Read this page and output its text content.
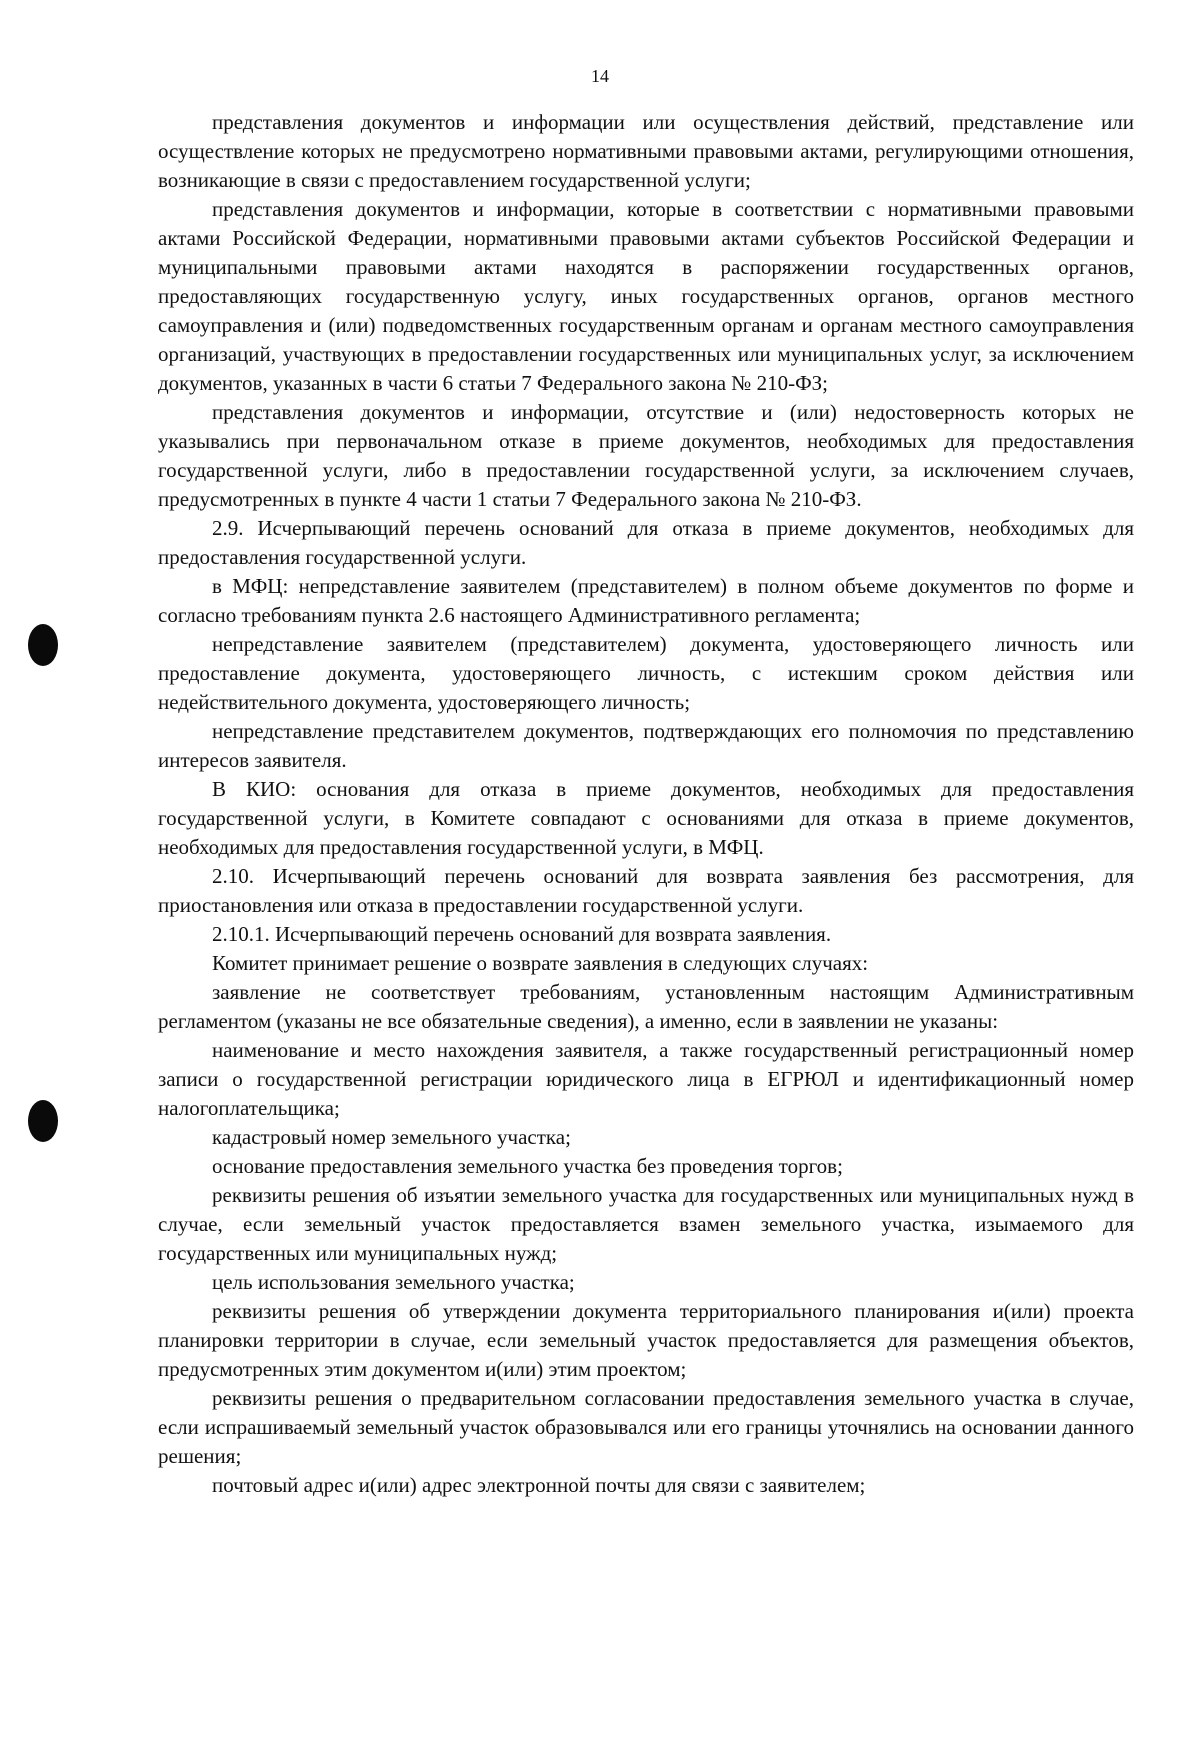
14

представления документов и информации или осуществления действий, представление или осуществление которых не предусмотрено нормативными правовыми актами, регулирующими отношения, возникающие в связи с предоставлением государственной услуги;

представления документов и информации, которые в соответствии с нормативными правовыми актами Российской Федерации, нормативными правовыми актами субъектов Российской Федерации и муниципальными правовыми актами находятся в распоряжении государственных органов, предоставляющих государственную услугу, иных государственных органов, органов местного самоуправления и (или) подведомственных государственным органам и органам местного самоуправления организаций, участвующих в предоставлении государственных или муниципальных услуг, за исключением документов, указанных в части 6 статьи 7 Федерального закона № 210-ФЗ;

представления документов и информации, отсутствие и (или) недостоверность которых не указывались при первоначальном отказе в приеме документов, необходимых для предоставления государственной услуги, либо в предоставлении государственной услуги, за исключением случаев, предусмотренных в пункте 4 части 1 статьи 7 Федерального закона № 210-ФЗ.

2.9. Исчерпывающий перечень оснований для отказа в приеме документов, необходимых для предоставления государственной услуги.

в МФЦ: непредставление заявителем (представителем) в полном объеме документов по форме и согласно требованиям пункта 2.6 настоящего Административного регламента;

непредставление заявителем (представителем) документа, удостоверяющего личность или предоставление документа, удостоверяющего личность, с истекшим сроком действия или недействительного документа, удостоверяющего личность;

непредставление представителем документов, подтверждающих его полномочия по представлению интересов заявителя.

В КИО: основания для отказа в приеме документов, необходимых для предоставления государственной услуги, в Комитете совпадают с основаниями для отказа в приеме документов, необходимых для предоставления государственной услуги, в МФЦ.

2.10. Исчерпывающий перечень оснований для возврата заявления без рассмотрения, для приостановления или отказа в предоставлении государственной услуги.

2.10.1. Исчерпывающий перечень оснований для возврата заявления.

Комитет принимает решение о возврате заявления в следующих случаях:

заявление не соответствует требованиям, установленным настоящим Административным регламентом (указаны не все обязательные сведения), а именно, если в заявлении не указаны:

наименование и место нахождения заявителя, а также государственный регистрационный номер записи о государственной регистрации юридического лица в ЕГРЮЛ и идентификационный номер налогоплательщика;

кадастровый номер земельного участка;

основание предоставления земельного участка без проведения торгов;

реквизиты решения об изъятии земельного участка для государственных или муниципальных нужд в случае, если земельный участок предоставляется взамен земельного участка, изымаемого для государственных или муниципальных нужд;

цель использования земельного участка;

реквизиты решения об утверждении документа территориального планирования и(или) проекта планировки территории в случае, если земельный участок предоставляется для размещения объектов, предусмотренных этим документом и(или) этим проектом;

реквизиты решения о предварительном согласовании предоставления земельного участка в случае, если испрашиваемый земельный участок образовывался или его границы уточнялись на основании данного решения;

почтовый адрес и(или) адрес электронной почты для связи с заявителем;
